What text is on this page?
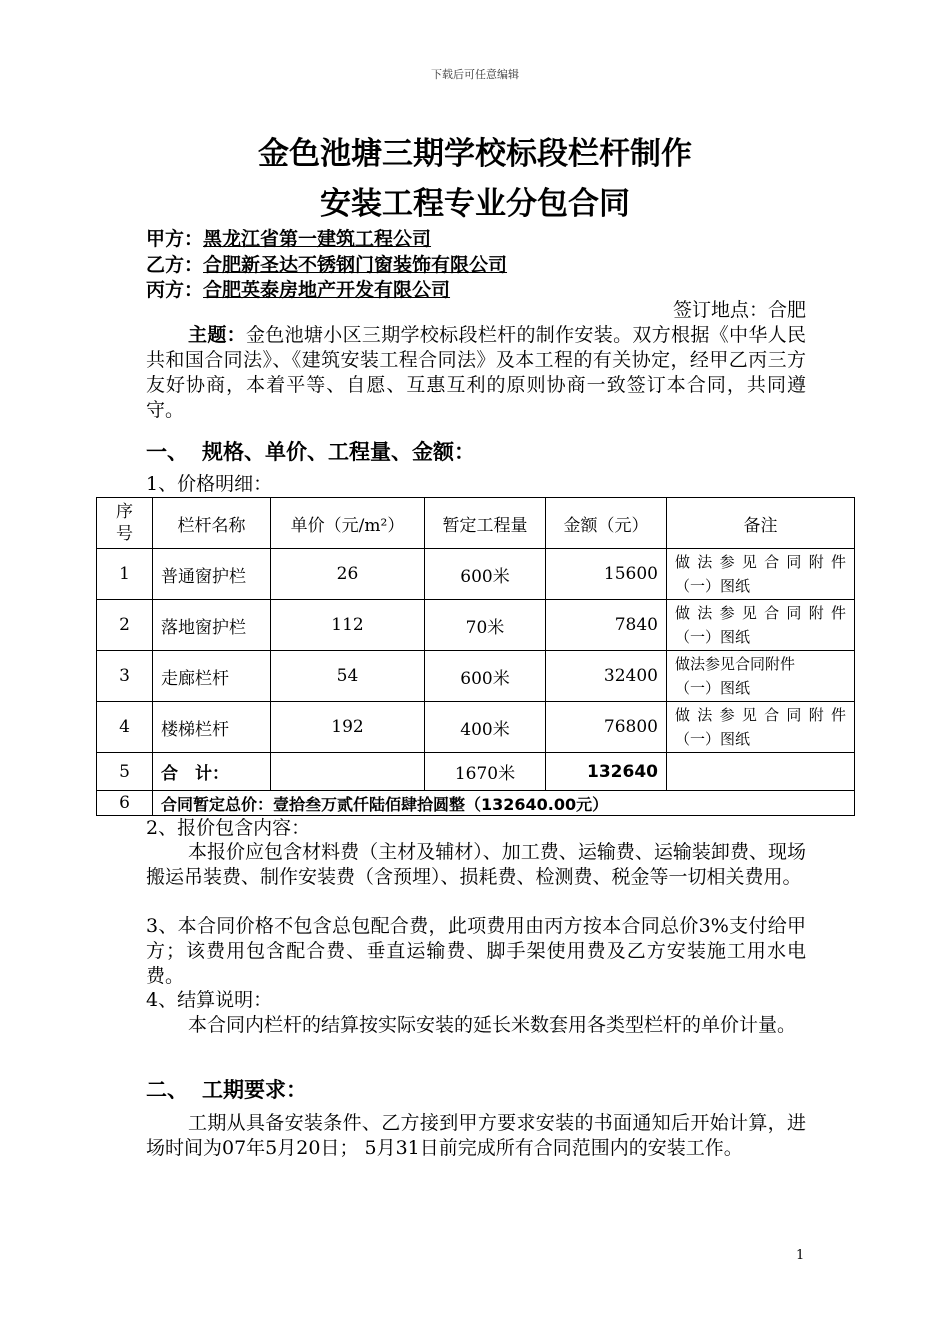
下载后可任意编辑
金色池塘三期学校标段栏杆制作
安装工程专业分包合同
甲方：黑龙江省第一建筑工程公司
乙方：合肥新圣达不锈钢门窗装饰有限公司
丙方：合肥英泰房地产开发有限公司
签订地点：合肥
主题：金色池塘小区三期学校标段栏杆的制作安装。双方根据《中华人民共和国合同法》、《建筑安装工程合同法》及本工程的有关协定，经甲乙丙三方友好协商，本着平等、自愿、互惠互利的原则协商一致签订本合同，共同遵守。
一、 规格、单价、工程量、金额：
1、价格明细：
序号	栏杆名称	单价（元/m²）	暂定工程量	金额（元）	备注
1	普通窗护栏	26	600米	15600	做法参见合同附件
（一）图纸
2	落地窗护栏	112	70米	7840	做法参见合同附件
（一）图纸
3	走廊栏杆	54	600米	32400	做法参见合同附件
（一）图纸
4	楼梯栏杆	192	400米	76800	做法参见合同附件
（一）图纸
5	合　计：		1670米	132640	
6	合同暂定总价：壹拾叁万贰仟陆佰肆拾圆整（132640.00元）				
2、报价包含内容：
本报价应包含材料费（主材及辅材）、加工费、运输费、运输装卸费、现场搬运吊装费、制作安装费（含预埋）、损耗费、检测费、税金等一切相关费用。
3、本合同价格不包含总包配合费，此项费用由丙方按本合同总价3%支付给甲方；该费用包含配合费、垂直运输费、脚手架使用费及乙方安装施工用水电费。
4、结算说明：
本合同内栏杆的结算按实际安装的延长米数套用各类型栏杆的单价计量。
二、 工期要求：
工期从具备安装条件、乙方接到甲方要求安装的书面通知后开始计算，进场时间为07年5月20日； 5月31日前完成所有合同范围内的安装工作。
1
